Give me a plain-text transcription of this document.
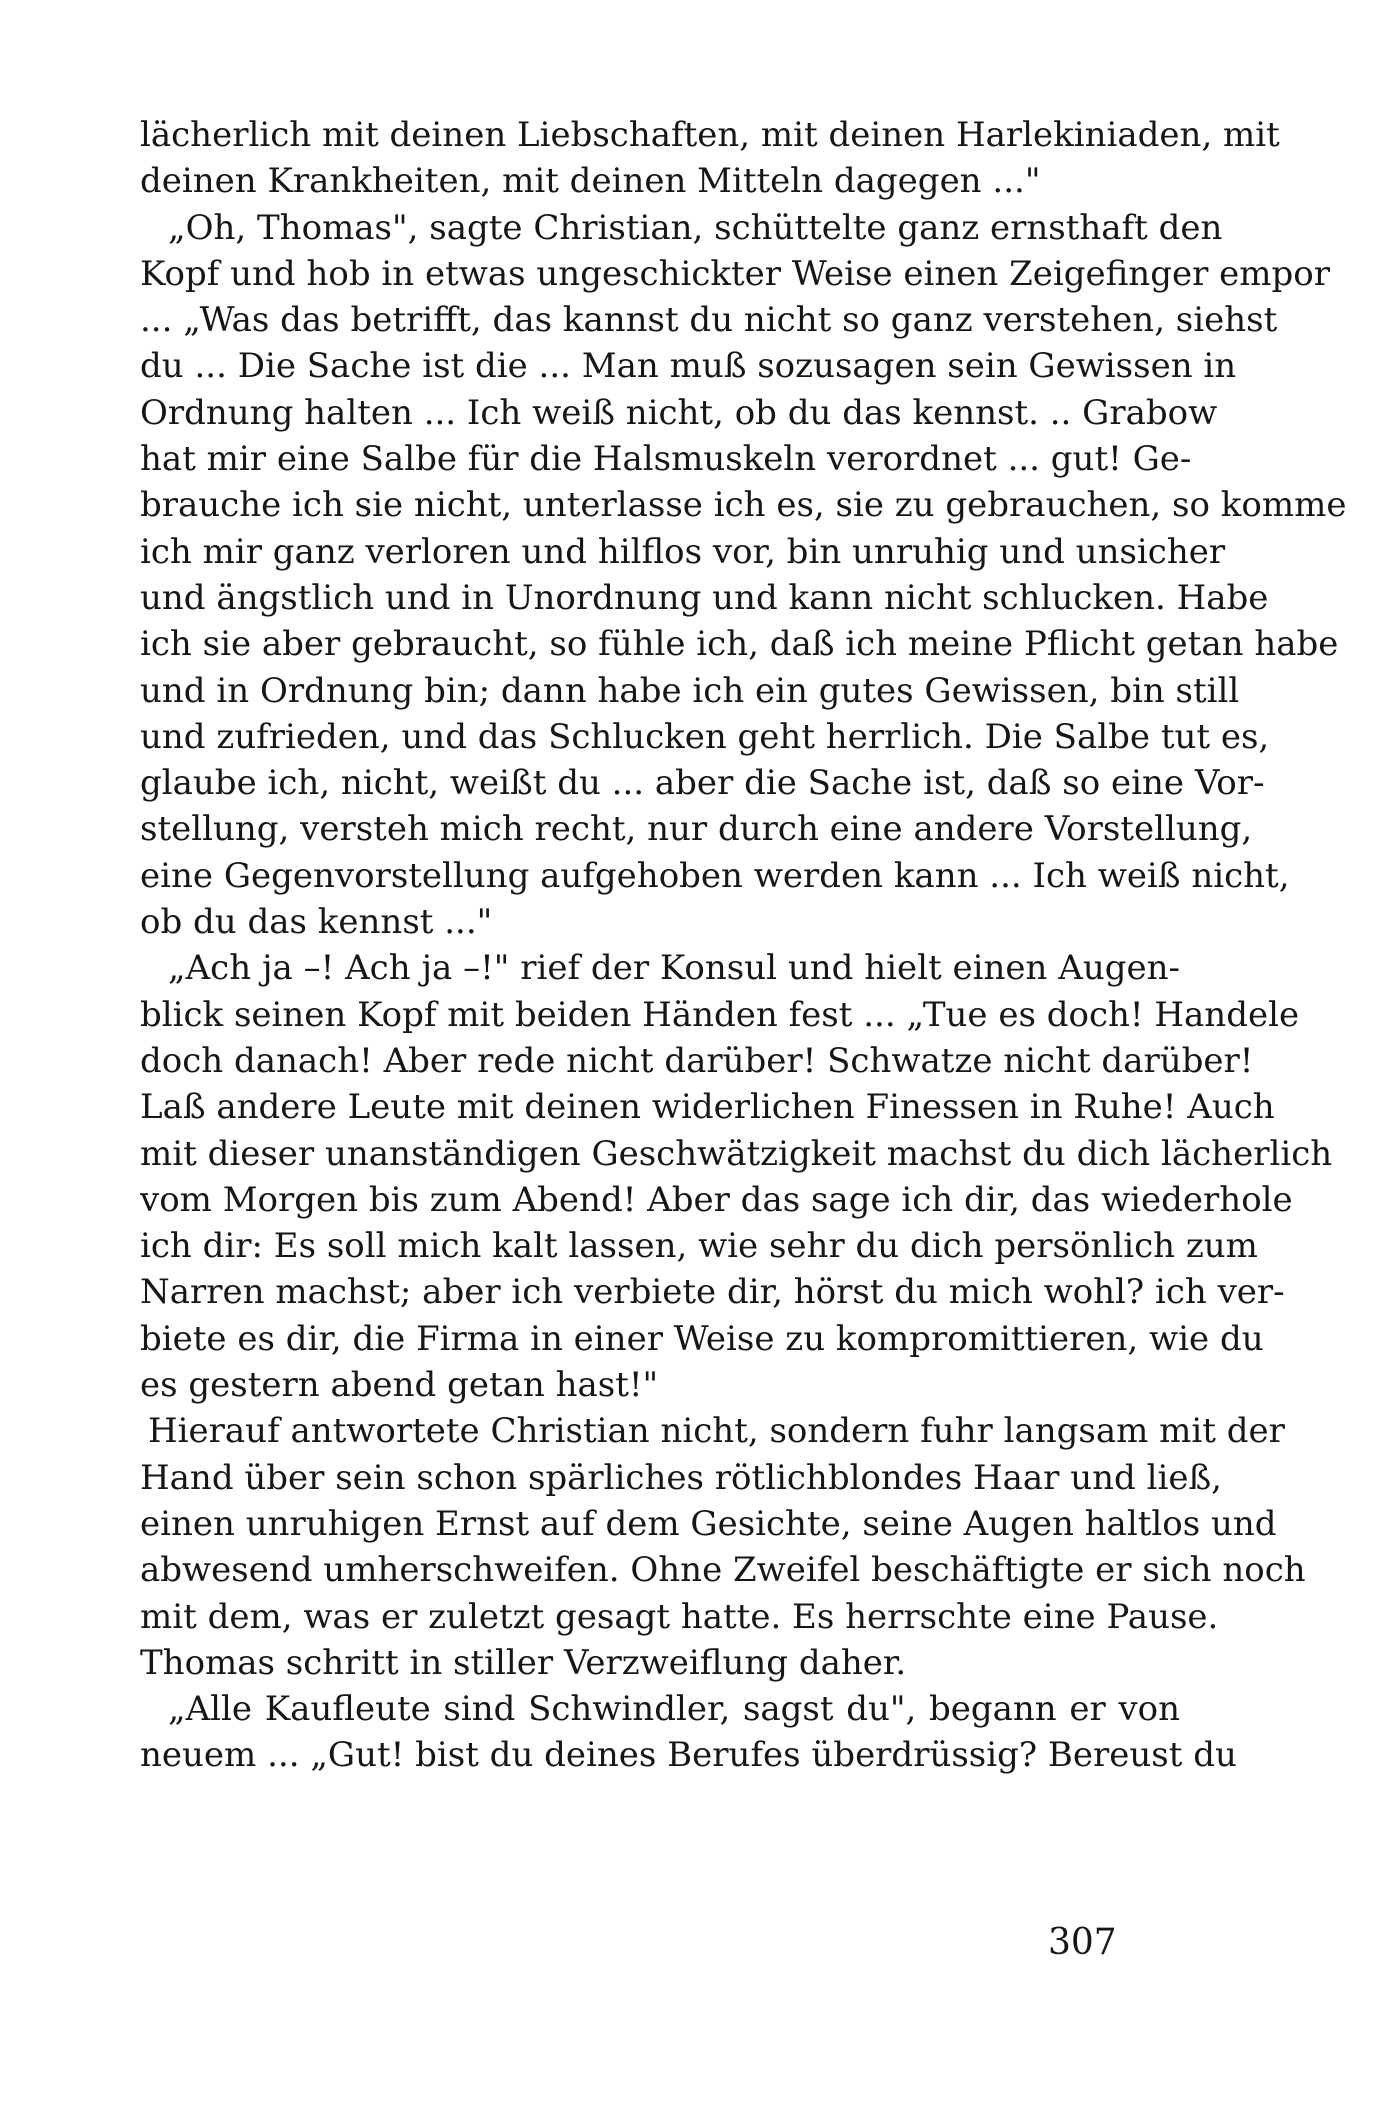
lächerlich mit deinen Liebschaften, mit deinen Harlekiniaden, mit
deinen Krankheiten, mit deinen Mitteln dagegen ..."
„Oh, Thomas", sagte Christian, schüttelte ganz ernsthaft den
Kopf und hob in etwas ungeschickter Weise einen Zeigefinger empor
... „Was das betrifft, das kannst du nicht so ganz verstehen, siehst
du ... Die Sache ist die ... Man muß sozusagen sein Gewissen in
Ordnung halten ... Ich weiß nicht, ob du das kennst. .. Grabow
hat mir eine Salbe für die Halsmuskeln verordnet ... gut! Ge-
brauche ich sie nicht, unterlasse ich es, sie zu gebrauchen, so komme
ich mir ganz verloren und hilflos vor, bin unruhig und unsicher
und ängstlich und in Unordnung und kann nicht schlucken. Habe
ich sie aber gebraucht, so fühle ich, daß ich meine Pflicht getan habe
und in Ordnung bin; dann habe ich ein gutes Gewissen, bin still
und zufrieden, und das Schlucken geht herrlich. Die Salbe tut es,
glaube ich, nicht, weißt du ... aber die Sache ist, daß so eine Vor-
stellung, versteh mich recht, nur durch eine andere Vorstellung,
eine Gegenvorstellung aufgehoben werden kann ... Ich weiß nicht,
ob du das kennst ..."
„Ach ja –! Ach ja –!" rief der Konsul und hielt einen Augen-
blick seinen Kopf mit beiden Händen fest ... „Tue es doch! Handele
doch danach! Aber rede nicht darüber! Schwatze nicht darüber!
Laß andere Leute mit deinen widerlichen Finessen in Ruhe! Auch
mit dieser unanständigen Geschwätzigkeit machst du dich lächerlich
vom Morgen bis zum Abend! Aber das sage ich dir, das wiederhole
ich dir: Es soll mich kalt lassen, wie sehr du dich persönlich zum
Narren machst; aber ich verbiete dir, hörst du mich wohl? ich ver-
biete es dir, die Firma in einer Weise zu kompromittieren, wie du
es gestern abend getan hast!"
Hierauf antwortete Christian nicht, sondern fuhr langsam mit der
Hand über sein schon spärliches rötlichblondes Haar und ließ,
einen unruhigen Ernst auf dem Gesichte, seine Augen haltlos und
abwesend umherschweifen. Ohne Zweifel beschäftigte er sich noch
mit dem, was er zuletzt gesagt hatte. Es herrschte eine Pause.
Thomas schritt in stiller Verzweiflung daher.
„Alle Kaufleute sind Schwindler, sagst du", begann er von
neuem ... „Gut! bist du deines Berufes überdrüssig? Bereust du
307
